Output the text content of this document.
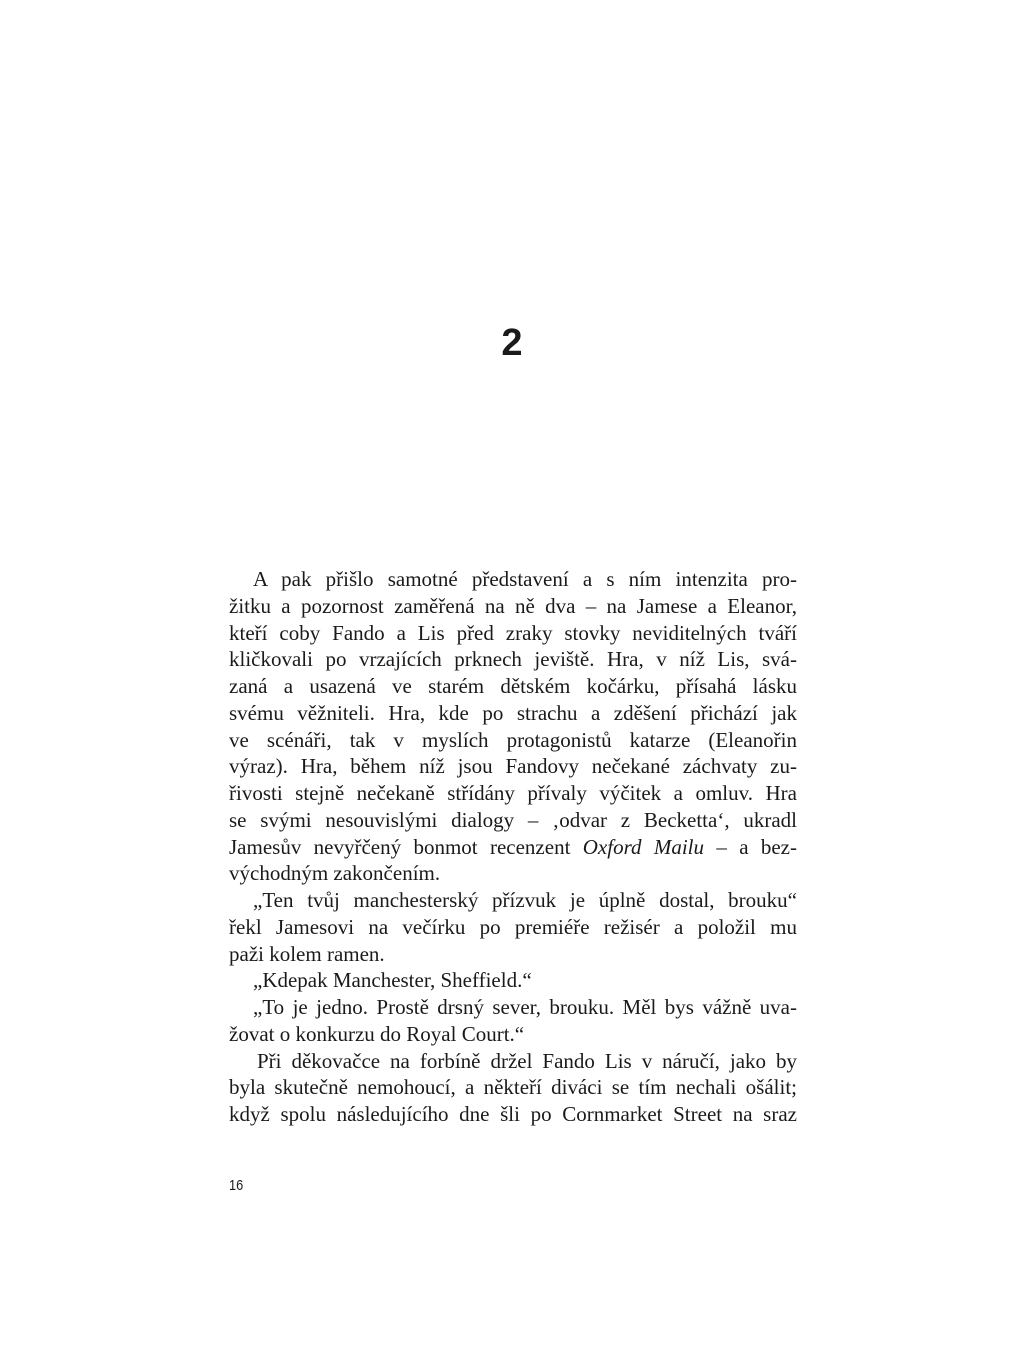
2
A pak přišlo samotné představení a s ním intenzita pro-
žitku a pozornost zaměřená na ně dva – na Jamese a Eleanor,
kteří coby Fando a Lis před zraky stovky neviditelných tváří
kličkovali po vrzajících prknech jeviště. Hra, v níž Lis, svá-
zaná a usazená ve starém dětském kočárku, přísahá lásku
svému věžniteli. Hra, kde po strachu a zděšení přichází jak
ve scénáři, tak v myslích protagonistů katarze (Eleanořin
výraz). Hra, během níž jsou Fandovy nečekané záchvaty zu-
řivosti stejně nečekaně střídány přívaly výčitek a omluv. Hra
se svými nesouvislými dialogy – ‚odvar z Becketta‘, ukradl
Jamesův nevyřčený bonmot recenzent Oxford Mailu – a bez-
východným zakončením.
„Ten tvůj manchesterský přízvuk je úplně dostal, brouku“
řekl Jamesovi na večírku po premiéře režisér a položil mu
paži kolem ramen.
„Kdepak Manchester, Sheffield.“
„To je jedno. Prostě drsný sever, brouku. Měl bys vážně uva-
žovat o konkurzu do Royal Court.“
Při děkovačce na forbíně držel Fando Lis v náručí, jako by
byla skutečně nemohoucí, a někteří diváci se tím nechali ošálit;
když spolu následujícího dne šli po Cornmarket Street na sraz
16
